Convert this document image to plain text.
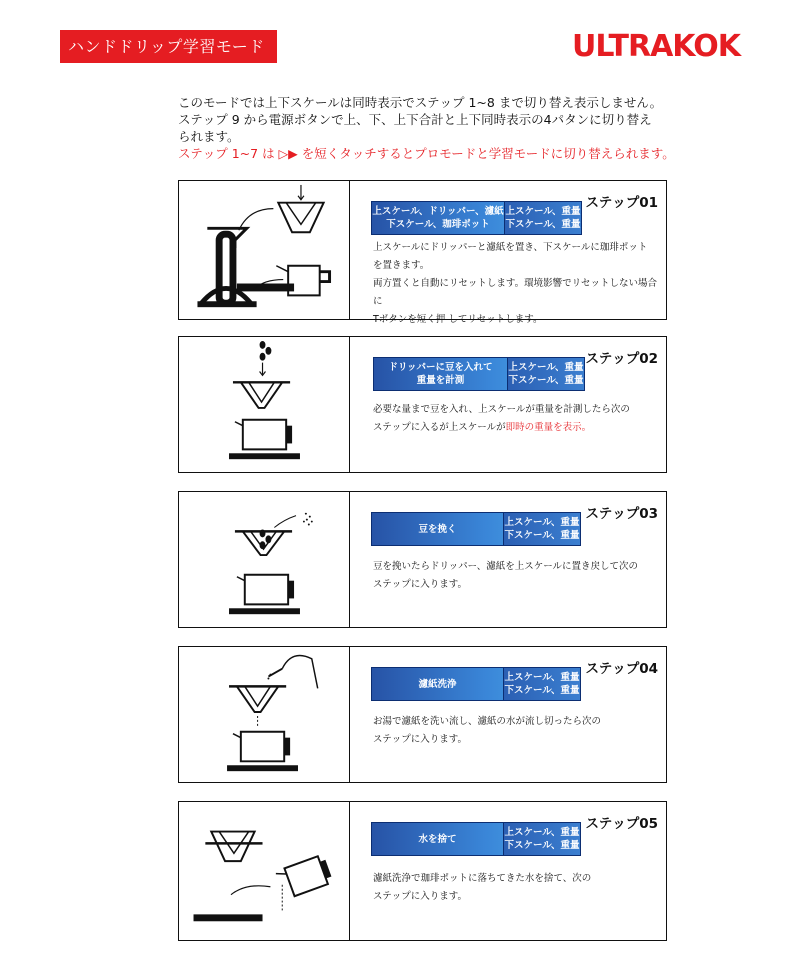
ハンドドリップ学習モード	ULTRAKOKI

このモードでは上下スケールは同時表示でステップ 1~8 まで切り替え表示しません。

ステップ 9 から電源ボタンで上、下、上下合計と上下同時表示の4パタンに切り替え

られます。

ステップ 1~7 は ▷▶ を短くタッチするとプロモードと学習モードに切り替えられます。

ステップ01
上スケール、ドリッパー、濾紙
下スケール、珈琲ポット
上スケール、重量
下スケール、重量
上スケールにドリッパーと濾紙を置き、下スケールに珈琲ポット
を置きます。
両方置くと自動にリセットします。環境影響でリセットしない場合に
Tボタンを短く押 してリセットします。
ステップ02
ドリッパーに豆を入れて
重量を計測
上スケール、重量
下スケール、重量
必要な量まで豆を入れ、上スケールが重量を計測したら次の
ステップに入るが上スケールが即時の重量を表示。
ステップ03
豆を挽く
上スケール、重量
下スケール、重量
豆を挽いたらドリッパー、濾紙を上スケールに置き戻して次の
ステップに入ります。
ステップ04
濾紙洗浄
上スケール、重量
下スケール、重量
お湯で濾紙を洗い流し、濾紙の水が流し切ったら次の
ステップに入ります。
ステップ05
水を捨て
上スケール、重量
下スケール、重量
濾紙洗浄で珈琲ポットに落ちてきた水を捨て、次の
ステップに入ります。
